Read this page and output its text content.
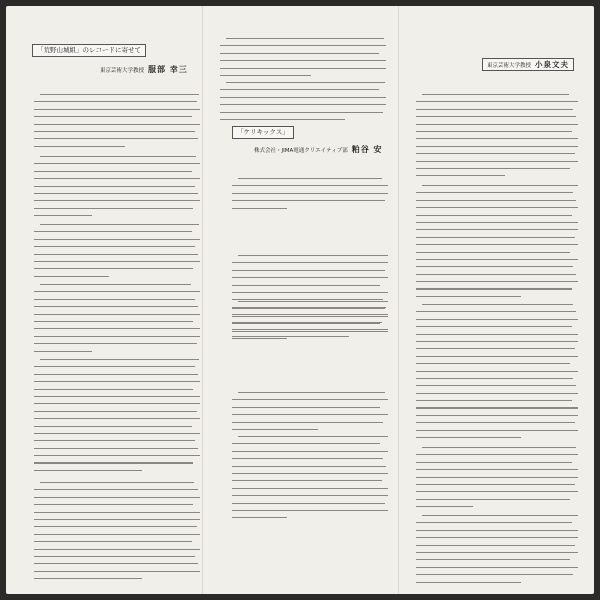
「荒野山城組」のレコードに寄せて
東京芸術大学教授 服部 幸三
「ケリキックス」
株式会社・JIMA電通クリエイティブ部 粕谷 安
東京芸術大学教授 小泉文夫
